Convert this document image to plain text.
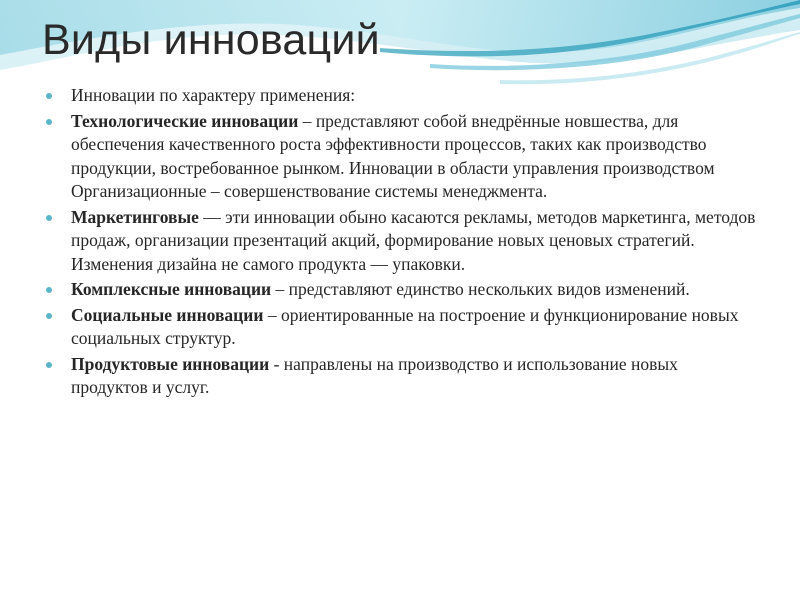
Виды инноваций
Инновации по характеру применения:
Технологические инновации – представляют собой внедрённые новшества, для обеспечения качественного роста эффективности процессов, таких как производство продукции, востребованное рынком. Инновации в области управления производством Организационные – совершенствование системы менеджмента.
Маркетинговые — эти инновации обыно касаются рекламы, методов маркетинга, методов продаж, организации презентаций акций, формирование новых ценовых стратегий. Изменения дизайна не самого продукта — упаковки.
Комплексные инновации – представляют единство нескольких видов изменений.
Социальные инновации – ориентированные на построение и функционирование новых социальных структур.
Продуктовые инновации - направлены на производство и использование новых продуктов и услуг.
